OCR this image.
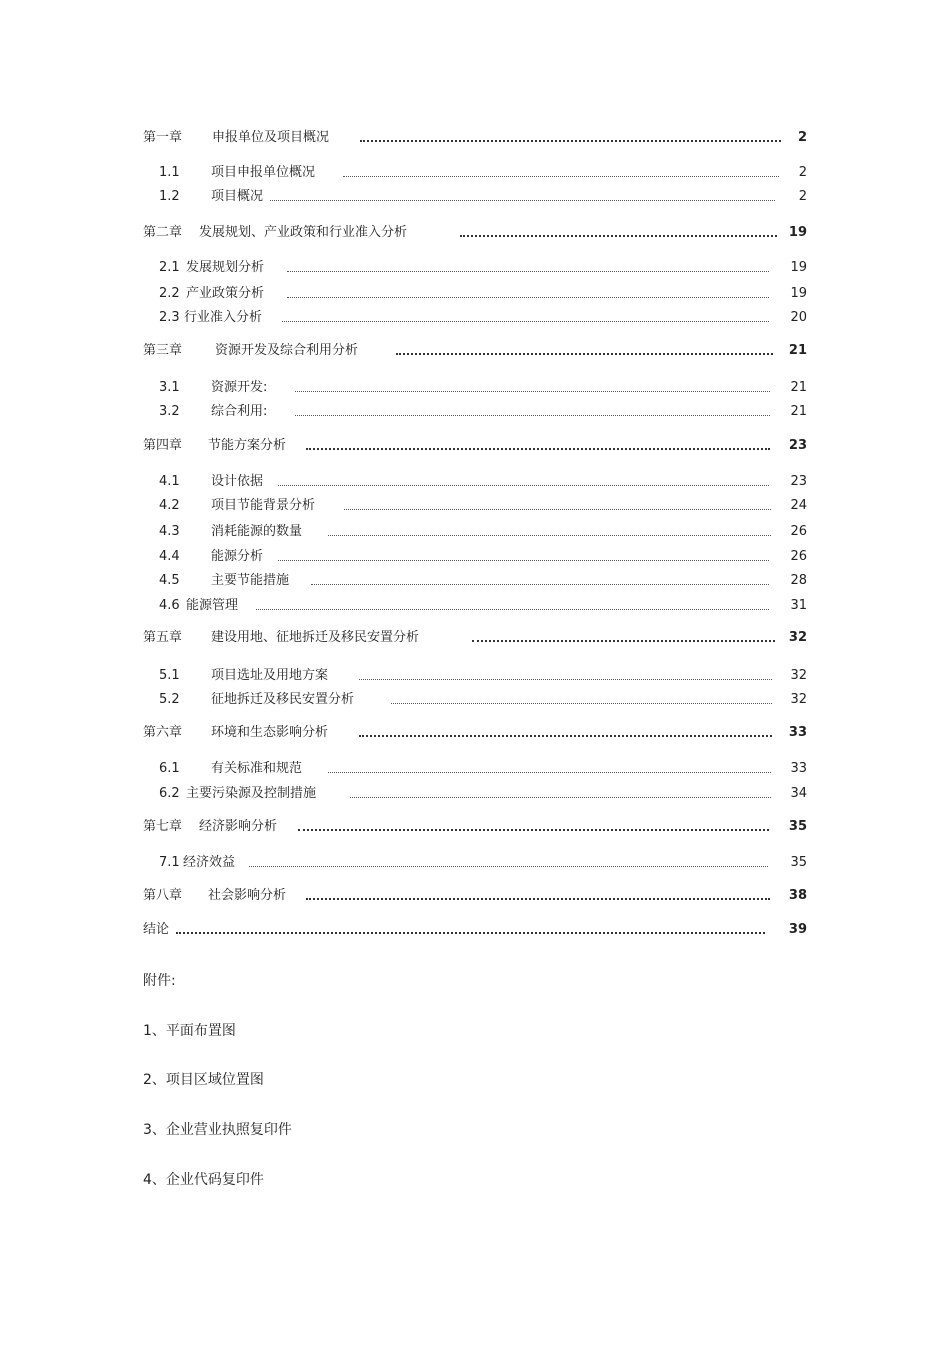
第一章 申报单位及项目概况	2
1.1 项目申报单位概况	2
1.2 项目概况	2
第二章 发展规划、产业政策和行业准入分析	19
2.1 发展规划分析	19
2.2 产业政策分析	19
2.3 行业准入分析	20
第三章	资源开发及综合利用分析	21
3.1 资源开发:	21
3.2 综合利用:	21
第四章 节能方案分析	23
4.1 设计依据	23
4.2 项目节能背景分析	24
4.3 消耗能源的数量	26
4.4 能源分析	26
4.5 主要节能措施	28
4.6 能源管理	31
第五章 建设用地、征地拆迁及移民安置分析	32
5.1 项目选址及用地方案	32
5.2 征地拆迁及移民安置分析	32
第六章 环境和生态影响分析	33
6.1 有关标准和规范	33
6.2 主要污染源及控制措施	34
第七章 经济影响分析	35
7.1 经济效益	35
第八章 社会影响分析	38
结论	39
附件:
1、平面布置图
2、项目区域位置图
3、企业营业执照复印件
4、企业代码复印件
